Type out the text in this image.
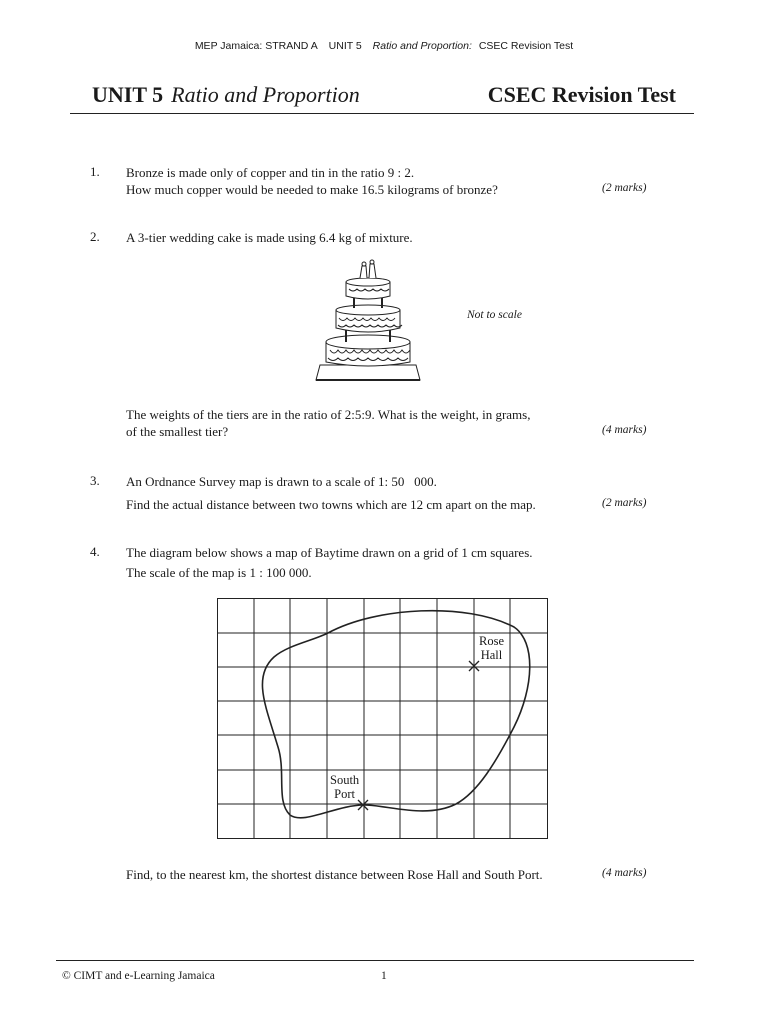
MEP Jamaica: STRAND A UNIT 5 Ratio and Proportion: CSEC Revision Test
UNIT 5 Ratio and Proportion	CSEC Revision Test
1. Bronze is made only of copper and tin in the ratio 9 : 2.
How much copper would be needed to make 16.5 kilograms of bronze?	(2 marks)
2. A 3-tier wedding cake is made using 6.4 kg of mixture.
Not to scale
The weights of the tiers are in the ratio of 2:5:9. What is the weight, in grams,
of the smallest tier?	(4 marks)
3. An Ordnance Survey map is drawn to a scale of 1: 50   000.
Find the actual distance between two towns which are 12 cm apart on the map.	(2 marks)
4. The diagram below shows a map of Baytime drawn on a grid of 1 cm squares.
The scale of the map is 1 : 100 000.
Rose
Hall
South
Port
Find, to the nearest km, the shortest distance between Rose Hall and South Port.	(4 marks)
© CIMT and e-Learning Jamaica	1
